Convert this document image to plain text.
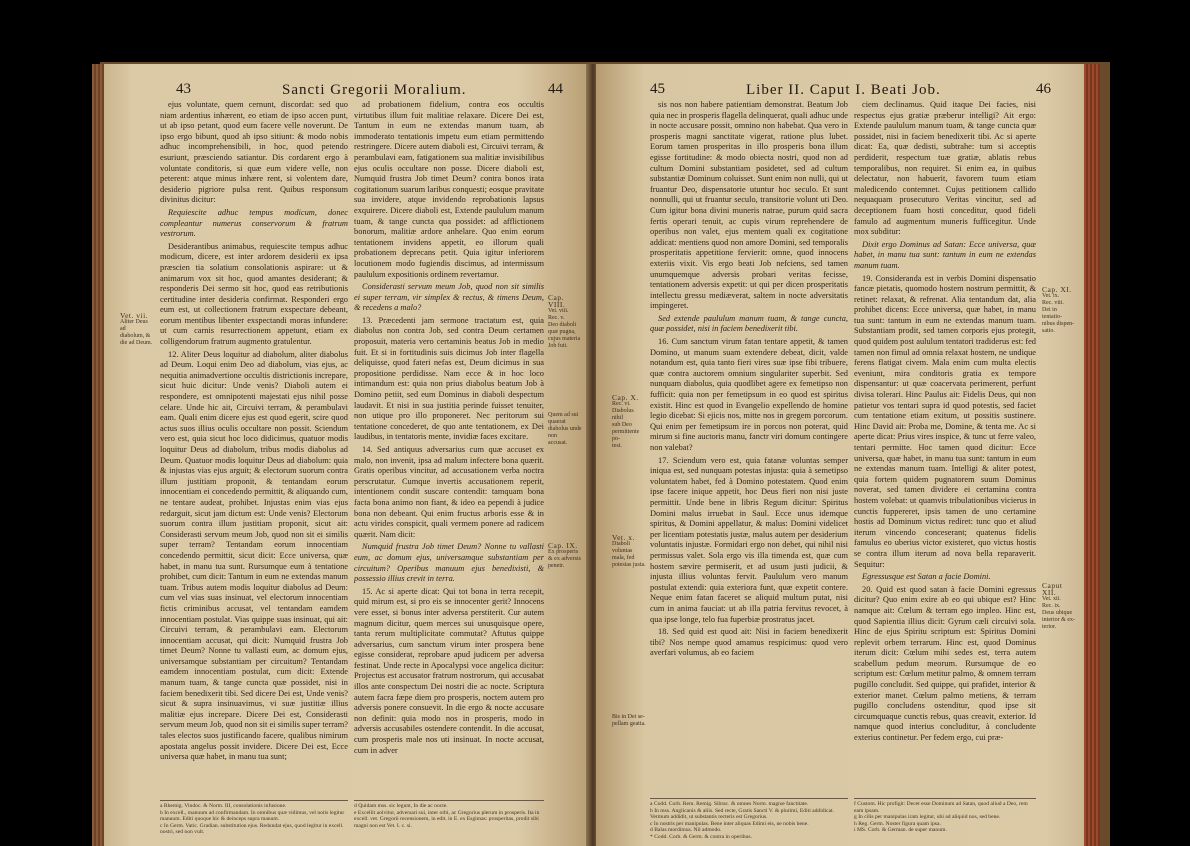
43	Sancti Gregorii Moralium.	44

ejus voluntate, quem cernunt, discordat: sed quo niam ardentius inhærent, eo etiam de ipso accen punt, ut ab ipso petant, quod eum facere velle noverunt. De ipso ergo bibunt, quod ab ipso sitiunt: & modo nobis adhuc incomprehensibili, in hoc, quod petendo esuriunt, præsciendo satiantur. Dis cordarent ergo à voluntate conditoris, si quæ eum videre velle, non peterent: atque minus inhære rent, si volentem dare, desiderio pigriore pulsa rent. Quibus responsum divinitus dicitur:

Requiescite adhuc tempus modicum, donec compleantur numerus conservorum & fratrum vestrorum.

Desiderantibus animabus, requiescite tempus adhuc modicum, dicere, est inter ardorem desiderii ex ipsa præscien tia solatium consolationis aspirare: ut & animarum vox sit hoc, quod amantes desiderant; & responderis Dei sermo sit hoc, quod eas retributionis certitudine inter desideria confirmat. Responderi ergo eum est, ut collectionem fratrum exspectare debeant, eorum mentibus libenter exspectandi moras infundere: ut cum carnis resurrectionem appetunt, etiam ex colligendorum fratrum augmento gratulentur.

12. Aliter Deus loquitur ad diabolum, aliter diabolus ad Deum. Loqui enim Deo ad diabolum, vias ejus, ac nequitia animadvertione occultis districtionis increpare, sicut huic dicitur: Unde venis? Diaboli autem ei respondere, est omnipotenti majestati ejus nihil posse celare. Unde hic ait, Circuivi terram, & perambulavi eam. Quali enim dicere ejus est quod egerit, scire quod actus suos illius oculis occultare non possit. Sciendum vero est, quia sicut hoc loco didicimus, quatuor modis loquitur Deus ad diabolum, tribus modis diabolus ad Deum. Quatuor modis loquitur Deus ad diabolum: quia & injustas vias ejus arguit; & electorum suorum contra illum justitiam proponit, & tentandam eorum innocentiam ei concedendo permittit, & aliquando cum, ne tentare audeat, prohibet. Injustas enim vias ejus redarguit, sicut jam dictum est: Unde venis? Electorum suorum contra illum justitiam proponit, sicut ait: Considerasti servum meum Job, quod non sit ei similis super terram? Tentandam eorum innocentiam concedendo permittit, sicut dicit: Ecce universa, quæ habet, in manu tua sunt. Rursumque eum à tentatione prohibet, cum dicit: Tantum in eum ne extendas manum tuam. Tribus autem modis loquitur diabolus ad Deum: cum vel vias suas insinuat, vel electorum innocentiam fictis criminibus accusat, vel tentandam eamdem innocentiam postulat. Vias quippe suas insinuat, qui ait: Circuivi terram, & perambulavi eam. Electorum innocentiam accusat, qui dicit: Numquid frustra Job timet Deum? Nonne tu vallasti eum, ac domum ejus, universamque substantiam per circuitum? Tentandam eamdem innocentiam postulat, cum dicit: Extende manum tuam, & tange cuncta quæ possidet, nisi in faciem benedixerit tibi. Sed dicere Dei est, Unde venis? sicut & supra insinuavimus, vi suæ justitiæ illius malitiæ ejus increpare. Dicere Dei est, Considerasti servum meum Job, quod non sit ei similis super terram? tales electos suos justificando facere, qualibus nimirum apostata angelus possit invidere. Dicere Dei est, Ecce universa quæ habet, in manu tua sunt;

ad probationem fidelium, contra eos occultis virtutibus illum fuit malitiae relaxare. Dicere Dei est, Tantum in eum ne extendas manum tuam, ab immoderato tentationis impetu eum etiam permittendo restringere. Dicere autem diaboli est, Circuivi terram, & perambulavi eam, fatigationem sua malitiæ invisibilibus ejus oculis occultare non posse. Dicere diaboli est, Numquid frustra Job timet Deum? contra bonos irata cogitationum suarum laribus conquesti; eosque pravitate sua invidere, atque invidendo reprobationis lapsus exquirere. Dicere diaboli est, Extende paululum manum tuam, & tange cuncta qua possidet: ad afflictionem bonorum, malitiæ ardore anhelare. Quo enim eorum tentationem invidens appetit, eo illorum quali probationem deprecans petit. Quia igitur inferiorem locutionem modo fugiendis discimus, ad intermissum paululum expositionis ordinem revertamur.

Considerasti servum meum Job, quod non sit similis ei super terram, vir simplex & rectus, & timens Deum, & recedens a malo?

13. Præcedenti jam sermone tractatum est, quia diabolus non contra Job, sed contra Deum certamen proposuit, materia vero certaminis beatus Job in medio fuit. Et si in fortitudinis suis dicimus Job inter flagella deliquisse, quod fateri nefas est, Deum dicimus in sua propositione perdidisse. Nam ecce & in hoc loco intimandum est: quia non prius diabolus beatum Job à Domino petiit, sed eum Dominus in diaboli despectum laudavit. Et nisi in sua justitia perinde fuisset tenuiter, non utique pro illo proponeret. Nec peritorum sui tentatione concederet, de quo ante tentationem, ex Dei laudibus, in tentatoris mente, invidiæ faces excitare.

14. Sed antiquus adversarius cum quæ accuset ex malo, non invenit, ipsa ad malum infectere bona quærit. Gratis operibus vincitur, ad accusationem verba noctra perscrutatur. Cumque invertis accusationem reperit, intentionem condit suscare contendit: tamquam bona facta bona animo non fiant, & ideo ea pependi à judice bona non debeant. Qui enim fructus arboris esse & in actu virides conspicit, quali vermem ponere ad radicem quærit. Nam dicit:

Numquid frustra Job timet Deum? Nonne tu vallasti eum, ac domum ejus, universamque substantiam per circuitum? Operibus manuum ejus benedixisti, & possessio illius crevit in terra.

15. Ac si aperte dicat: Qui tot bona in terra recepit, quid mirum est, si pro eis se innocenter gerit? Innocens vere esset, si bonus inter adversa perstiterit. Cur autem magnum dicitur, quem merces sui unusquisque opere, tanta rerum multiplicitate commutat? Aftutus quippe adversarius, cum sanctum virum inter prospera bene egisse considerat, reprobare apud judicem per adversa festinat. Unde recte in Apocalypsi voce angelica dicitur: Projectus est accusator fratrum nostrorum, qui accusabat illos ante conspectum Dei nostri die ac nocte. Scriptura autem facra fæpe diem pro prosperis, noctem autem pro adversis ponere consuevit. In die ergo & nocte accusare non definit: quia modo nos in prosperis, modo in adversis accusabiles ostendere contendit. In die accusat, cum prosperis male nos uti insinuat. In nocte accusat, cum in adver

Cap. VIII.
Vet. viii.
Rec. v.
Deo diaboli
quæ pugna, cujus materia
Job fuit.
Quem ad sui
quaerat diabolus unde non
accusat.
Cap. IX.
Ex prosperis
& ex adversis
penetr.
Vet. vii.
Aliter Deus ad
diabolum, &
die ad Deum.
a Rhemig. Vindoc. & Norm. III, consolationis infusione.
b In excell., manuum ad confirmandam. In omnibus quæ vidimus, vel notis legitur manuum. Editi quoque hic & deinceps supra manum.
c In Germ. Vatic. Gradian. substitution ejus. Redundat ejus, quod legitur in excell. nostri, sed non vult.
d Quidam mss. sic legunt, In die ac nocte.
e Excellit aolvitur, adversari sui, inter orbi, ac Gregorius plerum in prosperis. Ita in excell. vet. Gregorii recensionem, in edit. in E. ex Esgimas: prosperitas, prodit sibi magni non est Vet. I. c. si.
45	Liber II. Caput I. Beati Job.	46

sis nos non habere patientiam demonstrat. Beatum Job quia nec in prosperis flagella delinquerat, quali adhuc unde in nocte accusare possit, omnino non habebat. Qua vero in prosperis magni sanctitate vigerat, ratione plus lubet. Eorum tamen prosperitas in illo prosperis bona illum egisse fortitudine: & modo obiecta nostri, quod non ad cultum Domini substantiam posidetet, sed ad cultum substantiæ Dominum coluisset. Sunt enim non nulli, qui ut fruantur Deo, dispensatorie utuntur hoc seculo. Et sunt nonnulli, qui ut fruantur seculo, transitorie volunt uti Deo. Cum igitur bona divini muneris natrae, purum quid sacra fertis operari tenuit, ac cupis virum reprehendere de operibus non valet, ejus mentem quali ex cogitatione addicat: mentiens quod non amore Domini, sed temporalis prosperitatis appetitione fervierit: omne, quod innocens exteriis vixit. Vis ergo beati Job nefciens, sed tamen unumquemque adversis probari veritas fecisse, tentationem adversis expetit: ut qui per dicen prosperitatis intellectu gressu mediæverat, saltem in nocte adversitatis impingeret.

Sed extende paululum manum tuam, & tange cuncta, quæ possidet, nisi in faciem benedixerit tibi.

16. Cum sanctum virum fatan tentare appetit, & tamen Domino, ut manum suam extendere debeat, dicit, valde notandum est, quia tanto fieri vires suæ ipse fibi tribuere, quæ contra auctorem omnium singulariter superbit. Sed nunquam diabolus, quia quodlibet agere ex femetipso non fufficit: quia non per femetipsum in eo quod est spiritus existit. Hinc est quod in Evangelio expellendo de homine legio dicebat: Si ejicis nos, mitte nos in gregem porcorum. Qui enim per femetipsum ire in porcos non poterat, quid mirum si fine auctoris manu, fanctr viri domum contingere non valebat?

17. Sciendum vero est, quia fatanæ voluntas semper iniqua est, sed nunquam potestas injusta: quia à semetipso voluntatem habet, fed à Domino potestatem. Quod enim ipse facere inique appetit, hoc Deus fieri non nisi juste permittit. Unde bene in libris Regum dicitur: Spiritus Domini malus irruebat in Saul. Ecce unus idemque spiritus, & Domini appellatur, & malus: Domini videlicet per licentiam potestatis justæ, malus autem per desiderium voluntatis injustæ. Formidari ergo non debet, qui nihil nisi permissus valet. Sola ergo vis illa timenda est, quæ cum hostem sævire permiserit, et ad usum justi judicii, & injusta illius voluntas fervit. Paululum vero manum postulat extendi: quia exteriora funt, quæ expetit contere. Neque enim fatan faceret se aliquid multum putat, nisi cum in anima fauciat: ut ab illa patria fervitus revocet, à qua ipse longe, telo fua fuperbiæ prostratus jacet.

18. Sed quid est quod ait: Nisi in faciem benedixerit tibi? Nos nempe quod amamus respicimus: quod vero averfari volumus, ab eo faciem

ciem declinamus. Quid itaque Dei facies, nisi respectus ejus gratiæ præberur intelligi? Ait ergo: Extende paululum manum tuam, & tange cuncta quæ possidet, nisi in faciem benedixerit tibi. Ac si aperte dicat: Ea, quæ dedisti, subtrahe: tum si acceptis perdiderit, respectum tuæ gratiæ, ablatis rebus temporalibus, non requiret. Si enim ea, in quibus delectatur, non habuerit, favorem tuum etiam maledicendo contemnet. Cujus petitionem callido nequaquam prosecuturo Veritas vincitur, sed ad deceptionem fuam hosti conceditur, quod fideli famulo ad augmentum muneris fufficegitur. Unde mox subditur:

Dixit ergo Dominus ad Satan: Ecce universa, quæ habet, in manu tua sunt: tantum in eum ne extendas manum tuam.

19. Consideranda est in verbis Domini dispensatio fancæ pietatis, quomodo hostem nostrum permittit, & retinet: relaxat, & refrenat. Alia tentandum dat, alia prohibet dicens: Ecce universa, quæ habet, in manu tua sunt: tantum in eum ne extendas manum tuam. Substantiam prodit, sed tamen corporis ejus protegit, quod quidem post aululum tentatori tradiderus est: fed tamen non fimul ad omnia relaxat hostem, ne undique ferens flatigat civem. Mala enim cum multa electis eveniunt, mira conditoris gratia ex tempore dispensantur: ut quæ coacervata perimerent, perfunt divisa tolerari. Hinc Paulus ait: Fidelis Deus, qui non patietur vos tentari supra id quod potestis, sed faciet cum tentatione etiam exitum, ut possitis sustinere. Hinc David ait: Proba me, Domine, & tenta me. Ac si aperte dicat: Prius vires inspice, & tunc ut ferre valeo, tentari permitte. Hoc tamen quod dicitur: Ecce universa, quæ habet, in manu tua sunt: tantum in eum ne extendas manum tuam. Intelligi & aliter potest, quia fortem quidem pugnatorem suum Dominus noverat, sed tamen dividere ei certamina contra hostem volebat: ut quamvis tribulationibus vicierus in cunctis fuppereret, ipsis tamen de uno certamine hostis ad Dominum victus rediret: tunc quo et aliud iterum vincendo conceserant; quatenus fidelis famulus eo uberius victor existeret, quo victus hostis se contra illum iterum ad nova bella reparaverit. Sequitur:

Egressusque est Satan a facie Domini.

20. Quid est quod satan à facie Domini egressus dicitur? Quo enim exire ab eo qui ubique est? Hinc namque ait: Cœlum & terram ego impleo. Hinc est, quod Sapientia illius dicit: Gyrum cæli circuivi sola. Hinc de ejus Spiritu scriptum est: Spiritus Domini replevit orbem terrarum. Hinc est, quod Dominus iterum dicit: Cœlum mihi sedes est, terra autem scabellum pedum meorum. Rursumque de eo scriptum est: Cœlum metitur palmo, & omnem terram pugillo concludit. Sed quippe, qui prafidet, interior & exterior manet. Cœlum palmo metiens, & terram pugillo concludens ostenditur, quod ipse sit circumquaque cunctis rebus, quas creavit, exterior. Id namque quod interius concluditur, à concludente exterius continetur. Per fedem ergo, cui præ-

Cap. X.
Rec. vi.
Diabolus nihil
sub Deo permittente po-
test.
Vet. x.
Diaboli voluntas mala, fed
potestas justa.
Bis in Dei se-
pellam geatia.
Cap. XI.
Vet. ix.
Rec. viii.
Dei in tentatio-
nibus dispen-
satio.
Caput XII.
Vet. xii.
Rec. ix.
Deus ubique
interior & ex-
terior.
a Codd. Corb. Rem. Remig. Sibrac. & omnes Norm. magnæ fanctitate.
b In mss. Anglicanis & aliis. Sed recte, Gratis Sancti V. & plurimi, Editi addidicat. Vermum addidit, ut substantis recteris est Gregorius.
c In nostris per manipulas. Bene inter aliquas Edimi eis, ne nobis bene.
d Balas mordimus. Nil admodo.
* Codd. Corb. & Germ. & contra in operibus.
f Custom. Hic profigit: Decet esse Dominum ad Satan, quod aliud a Deo, rem eam ipsam.
g In cilis per manipulas iram legitur, ubi ad aliquid nos, sed bene.
h Reg. Germ. Noster figura quam ipsa.
i MS. Corb. & German. de super manum.
